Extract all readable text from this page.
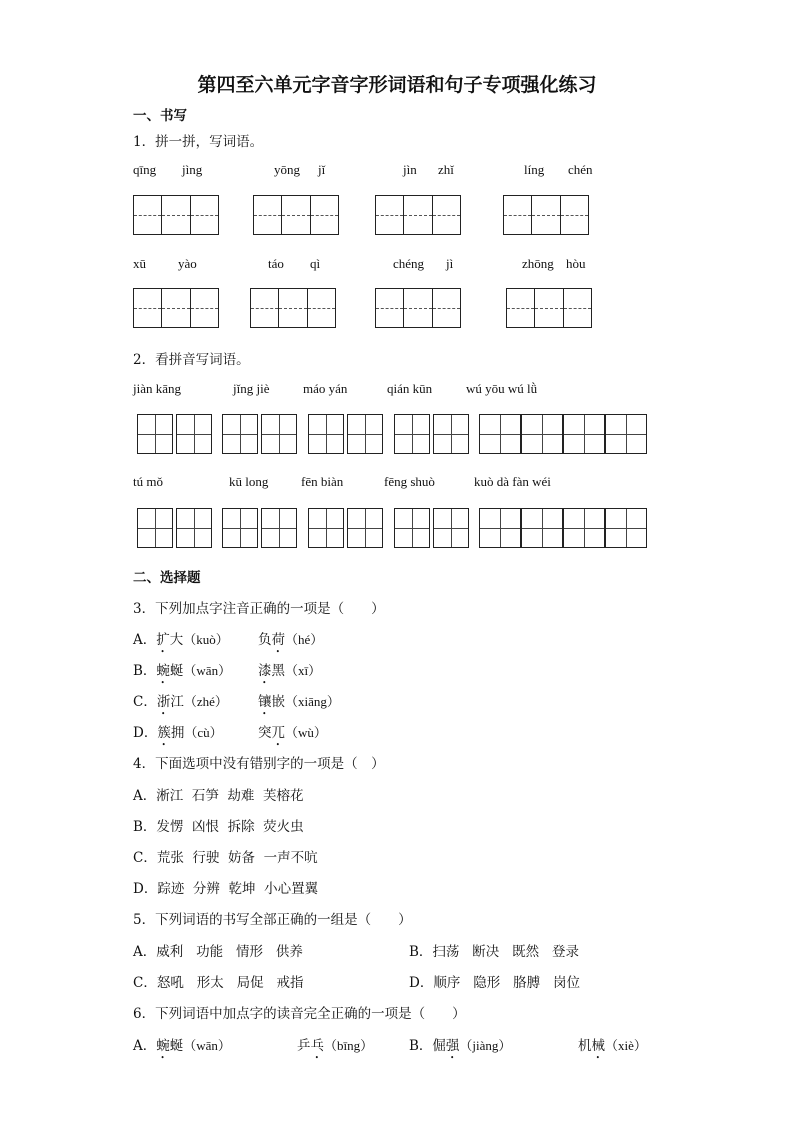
第四至六单元字音字形词语和句子专项强化练习
一、书写
1．拼一拼，写词语。
qīng jìng	yōng jǐ	jìn zhǐ	líng chén
xū yào	táo qì	chéng jì	zhōng hòu
2．看拼音写词语。
jiàn kāng	jǐng jiè	máo yán	qián kūn	wú yōu wú lǜ
tú mǒ	kū long	fēn biàn	fēng shuò	kuò dà fàn wéi
二、选择题
3．下列加点字注音正确的一项是（　　）
A．扩大（kuò） 负荷（hé）
B．蜿蜒（wān） 漆黑（xī）
C．浙江（zhé） 镶嵌（xiāng）
D．簇拥（cù）	突兀（wù）
4．下面选项中没有错别字的一项是（　）
A．淅江  石笋  劫难  芙榕花
B．发愣  凶恨  拆除  荧火虫
C．荒张  行驶  妨备  一声不吭
D．踪迹  分辨  乾坤  小心置翼
5．下列词语的书写全部正确的一组是（　　）
A．威利   功能   情形   供养	B．扫荡   断决   既然   登录
C．怒吼   形太   局促   戒指	D．顺序   隐形   胳膊   岗位
6．下列词语中加点字的读音完全正确的一项是（　　）
A．蜿蜒（wān）	乒乓（bīng）	B．倔强（jiàng）	机械（xiè）
